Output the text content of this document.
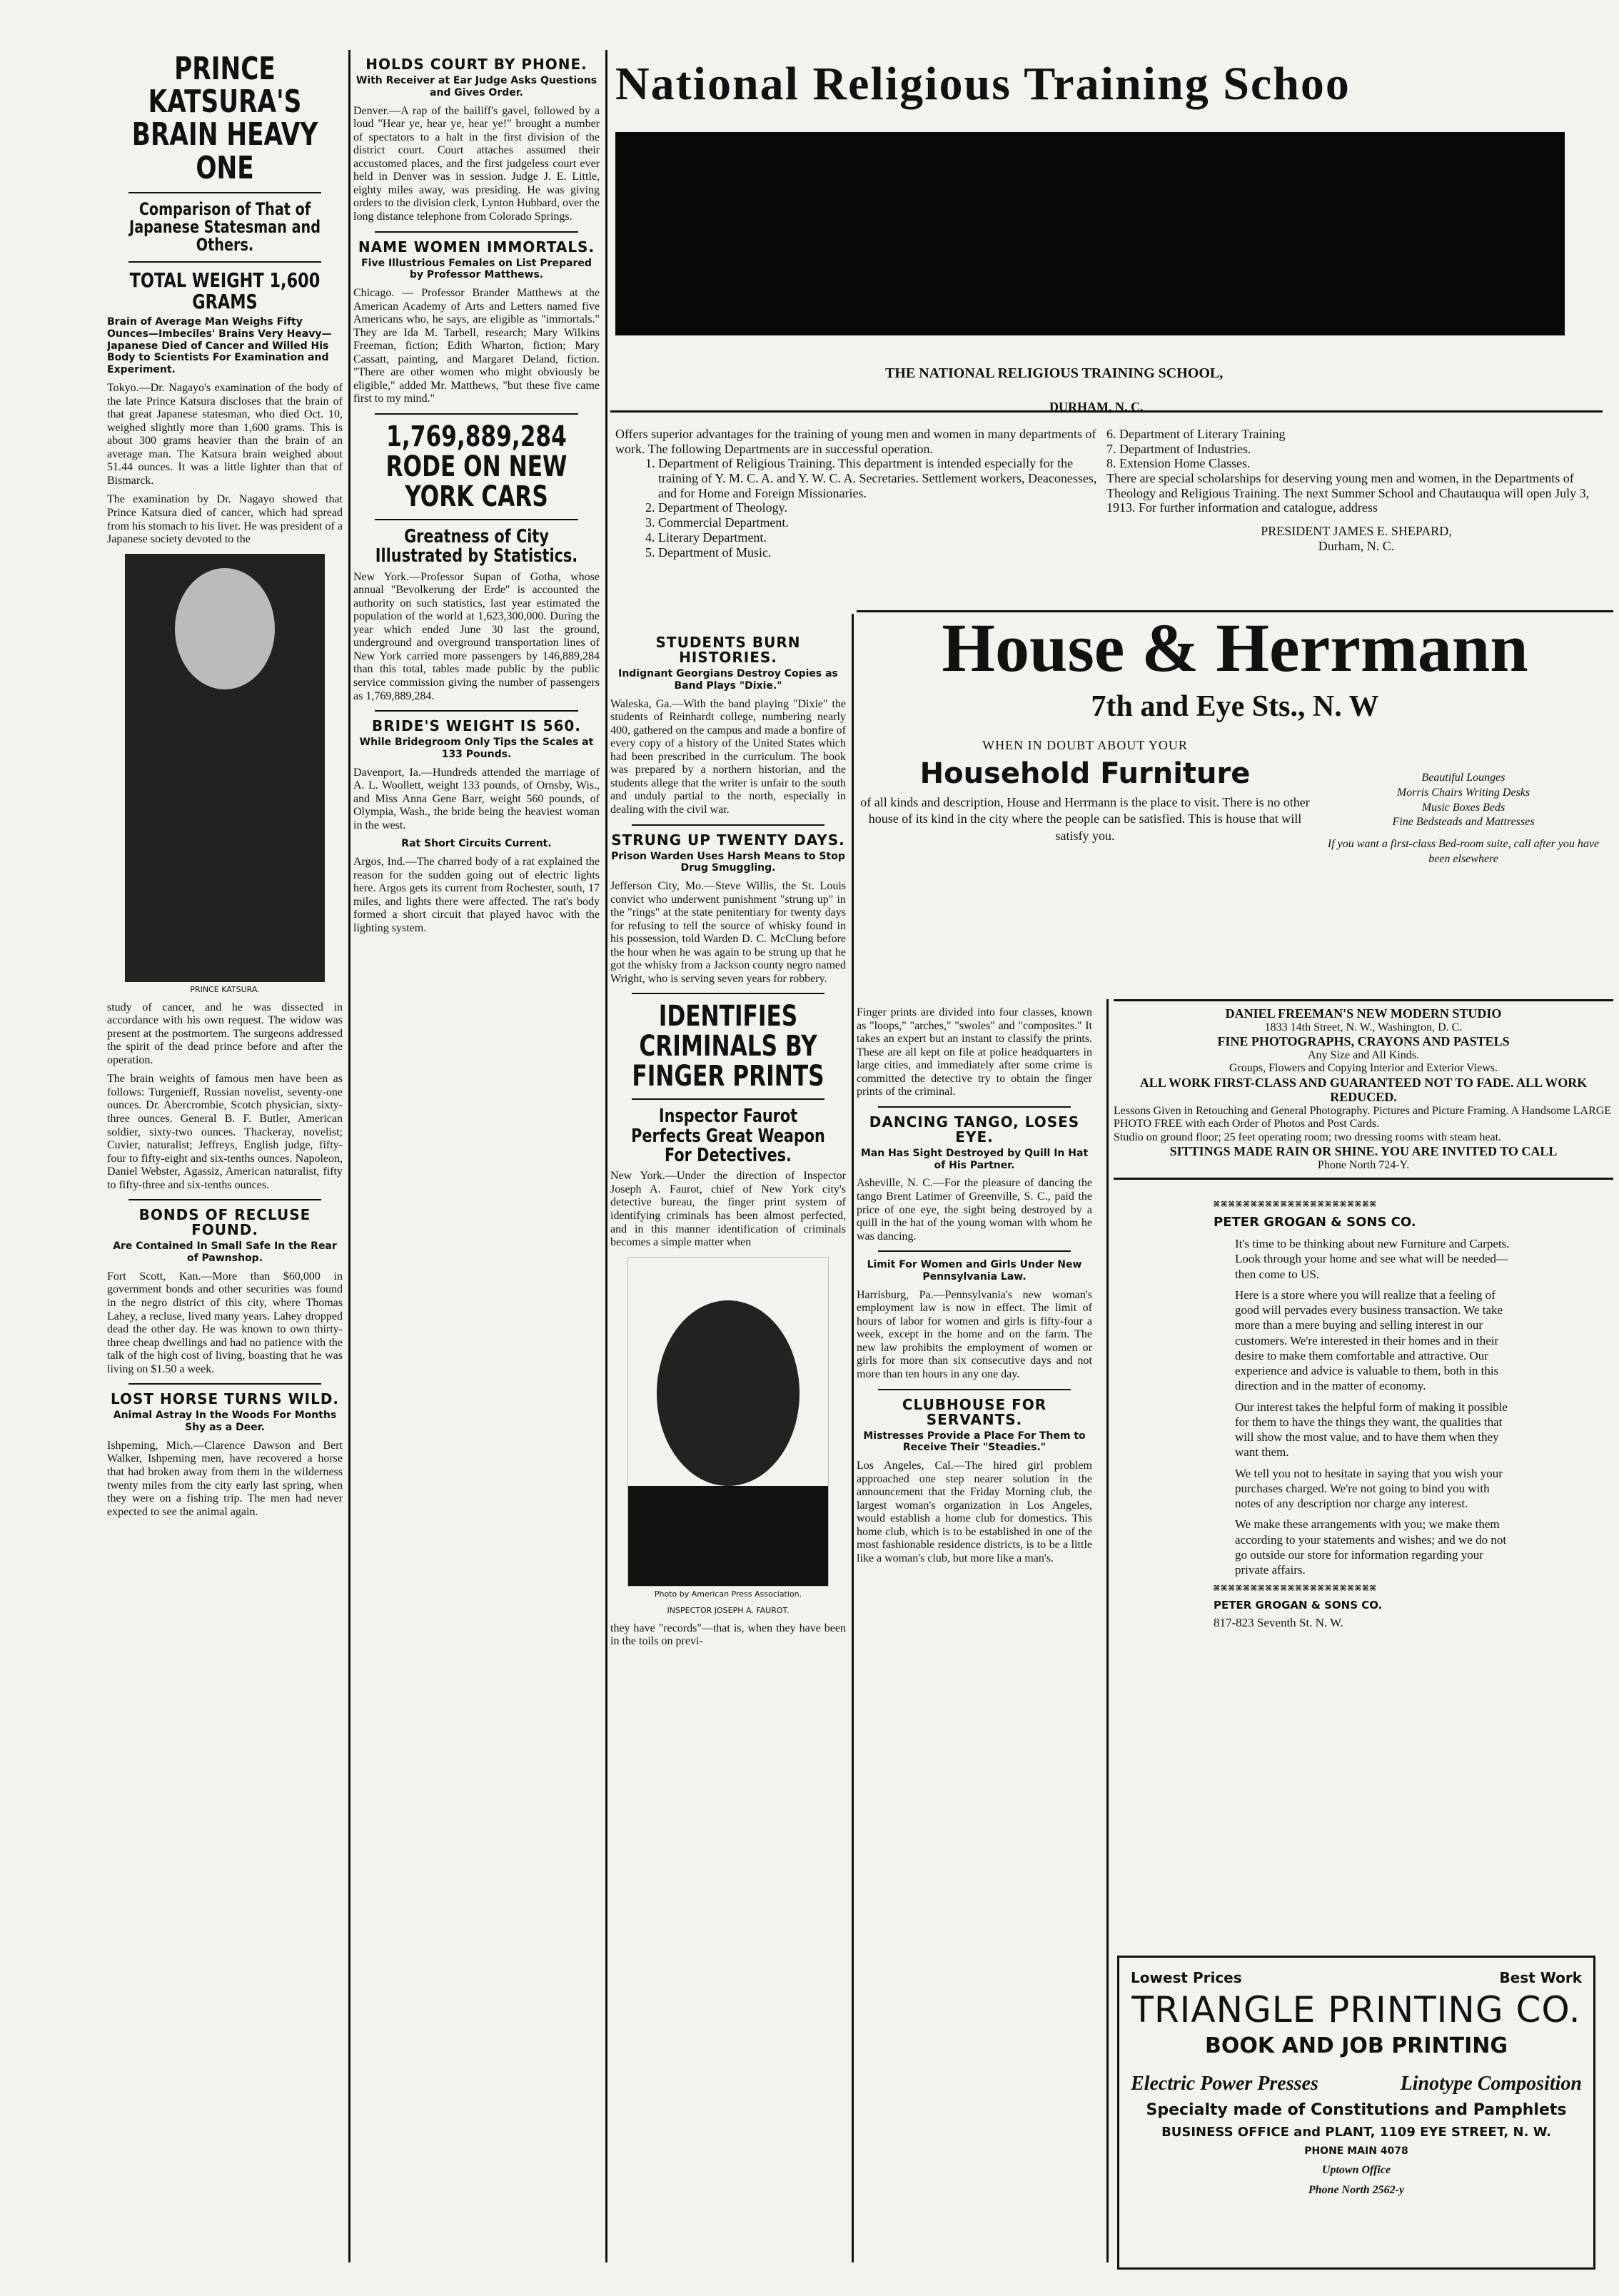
PRINCE KATSURA'S BRAIN HEAVY ONE
Comparison of That of Japanese Statesman and Others.
TOTAL WEIGHT 1,600 GRAMS
Brain of Average Man Weighs Fifty Ounces—Imbeciles' Brains Very Heavy—Japanese Died of Cancer and Willed His Body to Scientists For Examination and Experiment.

Tokyo.—Dr. Nagayo's examination of the body of the late Prince Katsura discloses that the brain of that great Japanese statesman, who died Oct. 10, weighed slightly more than 1,600 grams. This is about 300 grams heavier than the brain of an average man. The Katsura brain weighed about 51.44 ounces. It was a little lighter than that of Bismarck.

The examination by Dr. Nagayo showed that Prince Katsura died of cancer, which had spread from his stomach to his liver. He was president of a Japanese society devoted to the

PRINCE KATSURA.

study of cancer, and he was dissected in accordance with his own request. The widow was present at the postmortem. The surgeons addressed the spirit of the dead prince before and after the operation.

The brain weights of famous men have been as follows: Turgenieff, Russian novelist, seventy-one ounces. Dr. Abercrombie, Scotch physician, sixty-three ounces. General B. F. Butler, American soldier, sixty-two ounces. Thackeray, novelist; Cuvier, naturalist; Jeffreys, English judge, fifty-four to fifty-eight and six-tenths ounces. Napoleon, Daniel Webster, Agassiz, American naturalist, fifty to fifty-three and six-tenths ounces.

BONDS OF RECLUSE FOUND.
Are Contained In Small Safe In the Rear of Pawnshop.

Fort Scott, Kan.—More than $60,000 in government bonds and other securities was found in the negro district of this city, where Thomas Lahey, a recluse, lived many years. Lahey dropped dead the other day. He was known to own thirty-three cheap dwellings and had no patience with the talk of the high cost of living, boasting that he was living on $1.50 a week.

LOST HORSE TURNS WILD.
Animal Astray In the Woods For Months Shy as a Deer.

Ishpeming, Mich.—Clarence Dawson and Bert Walker, Ishpeming men, have recovered a horse that had broken away from them in the wilderness twenty miles from the city early last spring, when they were on a fishing trip. The men had never expected to see the animal again.

HOLDS COURT BY PHONE.
With Receiver at Ear Judge Asks Questions and Gives Order.

Denver.—A rap of the bailiff's gavel, followed by a loud "Hear ye, hear ye, hear ye!" brought a number of spectators to a halt in the first division of the district court. Court attaches assumed their accustomed places, and the first judgeless court ever held in Denver was in session. Judge J. E. Little, eighty miles away, was presiding. He was giving orders to the division clerk, Lynton Hubbard, over the long distance telephone from Colorado Springs.

NAME WOMEN IMMORTALS.
Five Illustrious Females on List Prepared by Professor Matthews.

Chicago. — Professor Brander Matthews at the American Academy of Arts and Letters named five Americans who, he says, are eligible as "immortals." They are Ida M. Tarbell, research; Mary Wilkins Freeman, fiction; Edith Wharton, fiction; Mary Cassatt, painting, and Margaret Deland, fiction. "There are other women who might obviously be eligible," added Mr. Matthews, "but these five came first to my mind."

1,769,889,284 RODE ON NEW YORK CARS
Greatness of City Illustrated by Statistics.

New York.—Professor Supan of Gotha, whose annual "Bevolkerung der Erde" is accounted the authority on such statistics, last year estimated the population of the world at 1,623,300,000. During the year which ended June 30 last the ground, underground and overground transportation lines of New York carried more passengers by 146,889,284 than this total, tables made public by the public service commission giving the number of passengers as 1,769,889,284.

BRIDE'S WEIGHT IS 560.
While Bridegroom Only Tips the Scales at 133 Pounds.

Davenport, Ia.—Hundreds attended the marriage of A. L. Woollett, weight 133 pounds, of Ornsby, Wis., and Miss Anna Gene Barr, weight 560 pounds, of Olympia, Wash., the bride being the heaviest woman in the west.

Rat Short Circuits Current.

Argos, Ind.—The charred body of a rat explained the reason for the sudden going out of electric lights here. Argos gets its current from Rochester, south, 17 miles, and lights there were affected. The rat's body formed a short circuit that played havoc with the lighting system.

National Religious Training Schoo
THE NATIONAL RELIGIOUS TRAINING SCHOOL,
DURHAM, N. C.
Offers superior advantages for the training of young men and women in many departments of work. The following Departments are in successful operation.
1. Department of Religious Training. This department is intended especially for the training of Y. M. C. A. and Y. W. C. A. Secretaries. Settlement workers, Deaconesses, and for Home and Foreign Missionaries.
2. Department of Theology.
3. Commercial Department.
4. Literary Department.
5. Department of Music.
6. Department of Literary Training
7. Department of Industries.
8. Extension Home Classes.
There are special scholarships for deserving young men and women, in the Departments of Theology and Religious Training. The next Summer School and Chautauqua will open July 3, 1913. For further information and catalogue, address
PRESIDENT JAMES E. SHEPARD,
Durham, N. C.
STUDENTS BURN HISTORIES.
Indignant Georgians Destroy Copies as Band Plays "Dixie."

Waleska, Ga.—With the band playing "Dixie" the students of Reinhardt college, numbering nearly 400, gathered on the campus and made a bonfire of every copy of a history of the United States which had been prescribed in the curriculum. The book was prepared by a northern historian, and the students allege that the writer is unfair to the south and unduly partial to the north, especially in dealing with the civil war.

STRUNG UP TWENTY DAYS.
Prison Warden Uses Harsh Means to Stop Drug Smuggling.

Jefferson City, Mo.—Steve Willis, the St. Louis convict who underwent punishment "strung up" in the "rings" at the state penitentiary for twenty days for refusing to tell the source of whisky found in his possession, told Warden D. C. McClung before the hour when he was again to be strung up that he got the whisky from a Jackson county negro named Wright, who is serving seven years for robbery.

IDENTIFIES CRIMINALS BY FINGER PRINTS
Inspector Faurot Perfects Great Weapon For Detectives.

New York.—Under the direction of Inspector Joseph A. Faurot, chief of New York city's detective bureau, the finger print system of identifying criminals has been almost perfected, and in this manner identification of criminals becomes a simple matter when

Photo by American Press Association.
INSPECTOR JOSEPH A. FAUROT.

they have "records"—that is, when they have been in the toils on previ-

House & Herrmann
7th and Eye Sts., N. W
WHEN IN DOUBT ABOUT YOUR
Household Furniture
of all kinds and description, House and Herrmann is the place to visit. There is no other house of its kind in the city where the people can be satisfied. This is house that will satisfy you.
Beautiful Lounges
Morris Chairs Writing Desks
Music Boxes Beds
Fine Bedsteads and Mattresses
If you want a first-class Bed-room suite, call after you have been elsewhere

Finger prints are divided into four classes, known as "loops," "arches," "swoles" and "composites." It takes an expert but an instant to classify the prints. These are all kept on file at police headquarters in large cities, and immediately after some crime is committed the detective try to obtain the finger prints of the criminal.

DANCING TANGO, LOSES EYE.
Man Has Sight Destroyed by Quill In Hat of His Partner.

Asheville, N. C.—For the pleasure of dancing the tango Brent Latimer of Greenville, S. C., paid the price of one eye, the sight being destroyed by a quill in the hat of the young woman with whom he was dancing.

Limit For Women and Girls Under New Pennsylvania Law.

Harrisburg, Pa.—Pennsylvania's new woman's employment law is now in effect. The limit of hours of labor for women and girls is fifty-four a week, except in the home and on the farm. The new law prohibits the employment of women or girls for more than six consecutive days and not more than ten hours in any one day.

CLUBHOUSE FOR SERVANTS.
Mistresses Provide a Place For Them to Receive Their "Steadies."

Los Angeles, Cal.—The hired girl problem approached one step nearer solution in the announcement that the Friday Morning club, the largest woman's organization in Los Angeles, would establish a home club for domestics. This home club, which is to be established in one of the most fashionable residence districts, is to be a little like a woman's club, but more like a man's.

DANIEL FREEMAN'S NEW MODERN STUDIO
1833 14th Street, N. W., Washington, D. C.
FINE PHOTOGRAPHS, CRAYONS AND PASTELS
Any Size and All Kinds.
Groups, Flowers and Copying Interior and Exterior Views.
ALL WORK FIRST-CLASS AND GUARANTEED NOT TO FADE. ALL WORK REDUCED.
Lessons Given in Retouching and General Photography. Pictures and Picture Framing. A Handsome LARGE PHOTO FREE with each Order of Photos and Post Cards.
Studio on ground floor; 25 feet operating room; two dressing rooms with steam heat.
SITTINGS MADE RAIN OR SHINE. YOU ARE INVITED TO CALL
Phone North 724-Y.
⌘⌘⌘⌘⌘⌘⌘⌘⌘⌘⌘⌘⌘⌘⌘⌘⌘⌘⌘⌘⌘⌘
PETER GROGAN & SONS CO.

It's time to be thinking about new Furniture and Carpets. Look through your home and see what will be needed—then come to US.

Here is a store where you will realize that a feeling of good will pervades every business transaction. We take more than a mere buying and selling interest in our customers. We're interested in their homes and in their desire to make them comfortable and attractive. Our experience and advice is valuable to them, both in this direction and in the matter of economy.

Our interest takes the helpful form of making it possible for them to have the things they want, the qualities that will show the most value, and to have them when they want them.

We tell you not to hesitate in saying that you wish your purchases charged. We're not going to bind you with notes of any description nor charge any interest.

We make these arrangements with you; we make them according to your statements and wishes; and we do not go outside our store for information regarding your private affairs.

⌘⌘⌘⌘⌘⌘⌘⌘⌘⌘⌘⌘⌘⌘⌘⌘⌘⌘⌘⌘⌘⌘
PETER GROGAN & SONS CO.
817-823 Seventh St. N. W.
Lowest Prices	Best Work
TRIANGLE PRINTING CO.
BOOK AND JOB PRINTING
Electric Power Presses	Linotype Composition
Specialty made of Constitutions and Pamphlets
BUSINESS OFFICE and PLANT, 1109 EYE STREET, N. W.
PHONE MAIN 4078
Uptown Office
Phone North 2562-y
